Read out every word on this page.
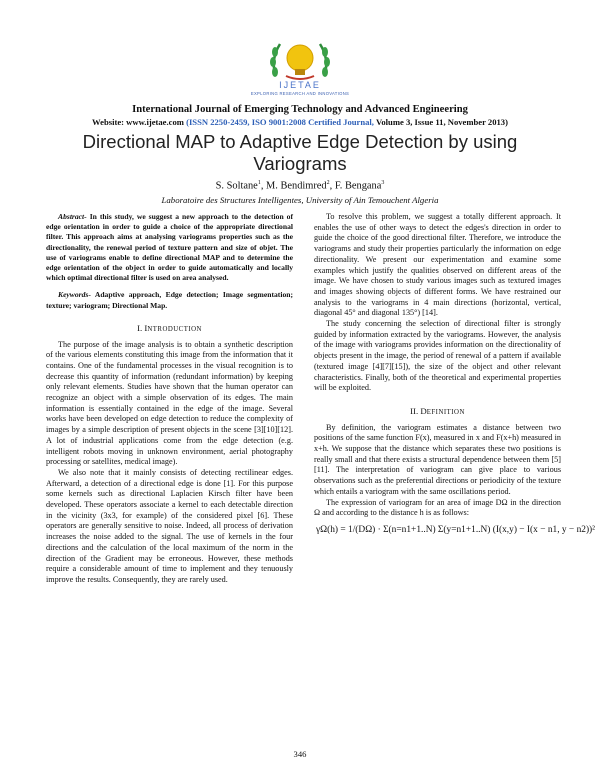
IJETAE
EXPLORING RESEARCH AND INNOVATIONS
International Journal of Emerging Technology and Advanced Engineering
Website: www.ijetae.com (ISSN 2250-2459, ISO 9001:2008 Certified Journal, Volume 3, Issue 11, November 2013)
Directional MAP to Adaptive Edge Detection by using
Variograms
S. Soltane$^1$, M. Bendimred$^2$, F. Bengana$^3$
Laboratoire des Structures Intelligentes, University of Ain Temouchent Algeria

Abstract- In this study, we suggest a new approach to the detection of edge orientation in order to guide a choice of the appropriate directional filter. This approach aims at analysing variograms properties such as the directionality, the renewal period of texture pattern and size of objet. The use of variograms enable to define directional MAP and to determine the edge orientation of the object in order to guide automatically and locally which optimal directional filter is used on area analysed.

Keywords- Adaptive approach, Edge detection; Image segmentation; texture; variogram; Directional Map.

I. INTRODUCTION

The purpose of the image analysis is to obtain a synthetic description of the various elements constituting this image from the information that it contains. One of the fundamental processes in the visual recognition is to decrease this quantity of information (redundant information) by keeping only relevant elements. Studies have shown that the human operator can recognize an object with a simple observation of its edges. The main information is essentially contained in the edge of the image. Several works have been developed on edge detection to reduce the complexity of images by a simple description of present objects in the scene [3][10][12]. A lot of industrial applications come from the edge detection (e.g. intelligent robots moving in unknown environment, aerial photography processing or satellites, medical image).

We also note that it mainly consists of detecting rectilinear edges. Afterward, a detection of a directional edge is done [1]. For this purpose some kernels such as directional Laplacien Kirsch filter have been developed. These operators associate a kernel to each detectable direction in the vicinity (3x3, for example) of the considered pixel [6]. These operators are generally sensitive to noise. Indeed, all process of derivation increases the noise added to the signal. The use of kernels in the four directions and the calculation of the local maximum of the norm in the direction of the Gradient may be erroneous. However, these methods require a considerable amount of time to implement and they tenuously improve the results. Consequently, they are rarely used.

To resolve this problem, we suggest a totally different approach. It enables the use of other ways to detect the edges's direction in order to guide the choice of the good directional filter. Therefore, we introduce the variograms and study their properties particularly the information on edge directionality. We present our experimentation and examine some examples which justify the qualities observed on different areas of the image. We have chosen to study various images such as textured images and images showing objects of different forms. We have restrained our analysis to the variograms in 4 main directions (horizontal, vertical, diagonal 45° and diagonal 135°) [14].

The study concerning the selection of directional filter is strongly guided by information extracted by the variograms. However, the analysis of the image with variograms provides information on the directionality of objects present in the image, the period of renewal of a pattern if available (textured image [4][7][15]), the size of the object and other relevant characteristics. Finally, both of the theoretical and experimental properties will be exploited.

II. DEFINITION

By definition, the variogram estimates a distance between two positions of the same function F(x), measured in x and F(x+h) measured in x+h. We suppose that the distance which separates these two positions is really small and that there exists a structural dependence between them [5][11]. The interpretation of variogram can give place to various observations such as the preferential directions or periodicity of the texture which entails a variogram with the same oscillations period.

The expression of variogram for an area of image DΩ in the direction Ω and according to the distance h is as follows:

γΩ(h) = 1/(DΩ) · Σ(n=n1+1..N) Σ(y=n1+1..N) (I(x,y) − I(x − n1, y − n2))²
346
